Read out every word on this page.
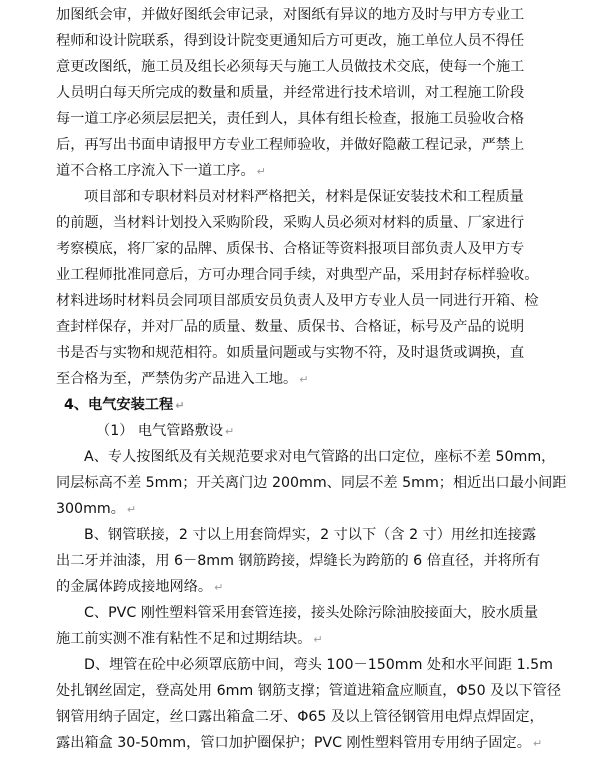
加图纸会审，并做好图纸会审记录，对图纸有异议的地方及时与甲方专业工
程师和设计院联系，得到设计院变更通知后方可更改，施工单位人员不得任
意更改图纸，施工员及组长必须每天与施工人员做技术交底，使每一个施工
人员明白每天所完成的数量和质量，并经常进行技术培训，对工程施工阶段
每一道工序必须层层把关，责任到人，具体有组长检查，报施工员验收合格
后，再写出书面申请报甲方专业工程师验收，并做好隐蔽工程记录，严禁上
道不合格工序流入下一道工序。 ↵
项目部和专职材料员对材料严格把关，材料是保证安装技术和工程质量
的前题，当材料计划投入采购阶段，采购人员必须对材料的质量、厂家进行
考察模底，将厂家的品牌、质保书、合格证等资料报项目部负责人及甲方专
业工程师批准同意后，方可办理合同手续，对典型产品，采用封存标样验收。
材料进场时材料员会同项目部质安员负责人及甲方专业人员一同进行开箱、检
查封样保存，并对厂品的质量、数量、质保书、合格证，标号及产品的说明
书是否与实物和规范相符。如质量问题或与实物不符，及时退货或调换，直
至合格为至，严禁伪劣产品进入工地。 ↵
4、电气安装工程 ↵
（1） 电气管路敷设 ↵
A、专人按图纸及有关规范要求对电气管路的出口定位，座标不差 50mm，
同层标高不差 5mm；开关离门边 200mm、同层不差 5mm；相近出口最小间距
300mm。 ↵
B、钢管联接，2 寸以上用套筒焊实，2 寸以下（含 2 寸）用丝扣连接露
出二牙并油漆，用 6－8mm 钢筋跨接，焊缝长为跨筋的 6 倍直径，并将所有
的金属体跨成接地网络。 ↵
C、PVC 刚性塑料管采用套管连接，接头处除污除油胶接面大，胶水质量
施工前实测不准有粘性不足和过期结块。 ↵
D、埋管在砼中必须罩底筋中间，弯头 100－150mm 处和水平间距 1.5m
处扎钢丝固定，登高处用 6mm 钢筋支撑；管道进箱盒应顺直，Φ50 及以下管径
钢管用纳子固定，丝口露出箱盒二牙、Φ65 及以上管径钢管用电焊点焊固定，
露出箱盒 30-50mm，管口加护圈保护；PVC 刚性塑料管用专用纳子固定。 ↵
